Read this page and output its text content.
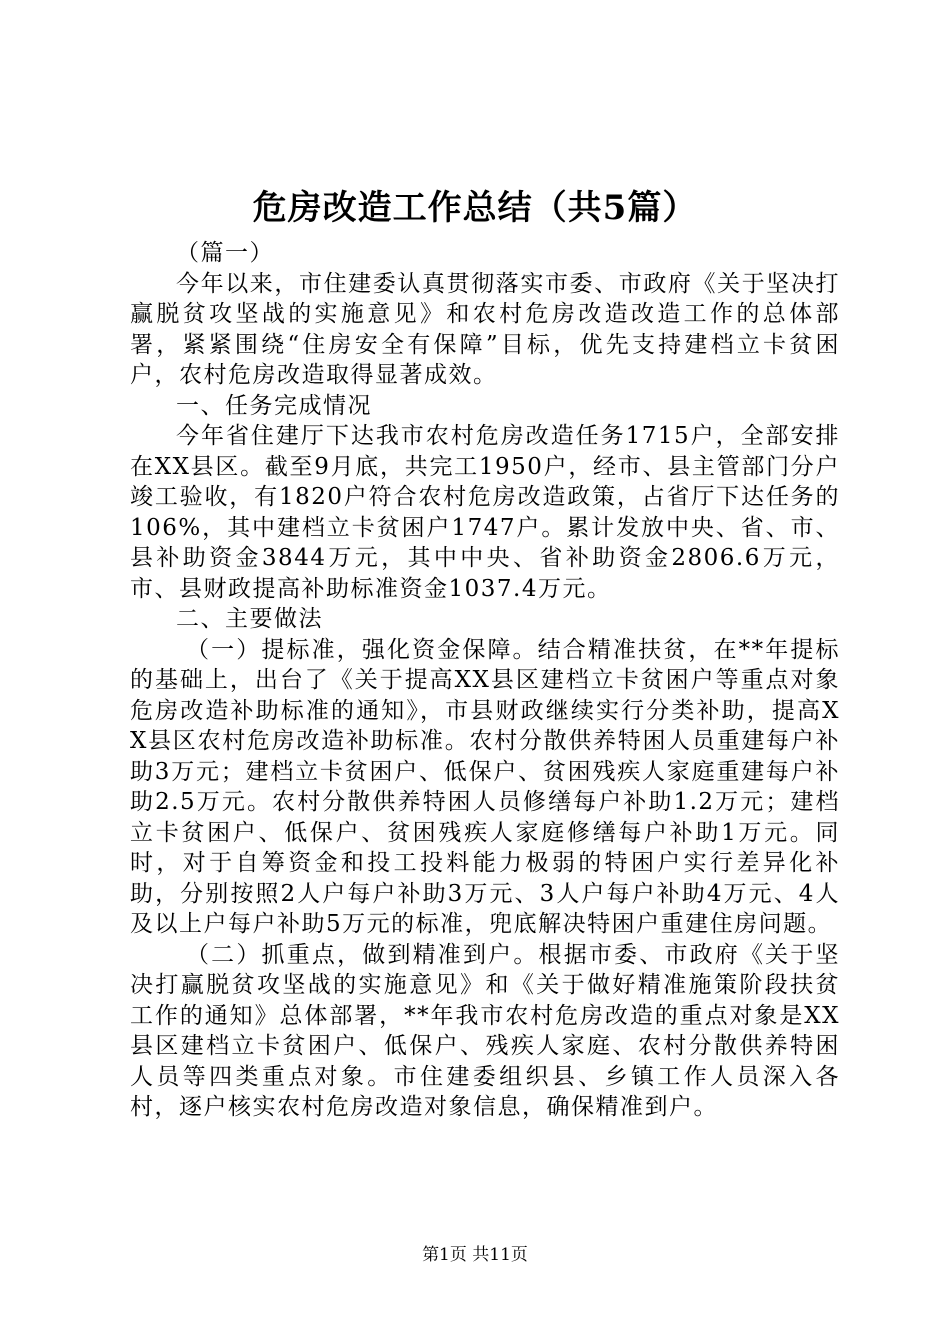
危房改造工作总结（共5篇）

（篇一）

今年以来，市住建委认真贯彻落实市委、市政府《关于坚决打赢脱贫攻坚战的实施意见》和农村危房改造改造工作的总体部署，紧紧围绕“住房安全有保障”目标，优先支持建档立卡贫困户，农村危房改造取得显著成效。

一、任务完成情况

今年省住建厅下达我市农村危房改造任务1715户，全部安排在XX县区。截至9月底，共完工1950户，经市、县主管部门分户竣工验收，有1820户符合农村危房改造政策，占省厅下达任务的106%，其中建档立卡贫困户1747户。累计发放中央、省、市、县补助资金3844万元，其中中央、省补助资金2806.6万元，市、县财政提高补助标准资金1037.4万元。

二、主要做法

（一）提标准，强化资金保障。结合精准扶贫，在**年提标的基础上，出台了《关于提高XX县区建档立卡贫困户等重点对象危房改造补助标准的通知》，市县财政继续实行分类补助，提高XX县区农村危房改造补助标准。农村分散供养特困人员重建每户补助3万元；建档立卡贫困户、低保户、贫困残疾人家庭重建每户补助2.5万元。农村分散供养特困人员修缮每户补助1.2万元；建档立卡贫困户、低保户、贫困残疾人家庭修缮每户补助1万元。同时，对于自筹资金和投工投料能力极弱的特困户实行差异化补助，分别按照2人户每户补助3万元、3人户每户补助4万元、4人及以上户每户补助5万元的标准，兜底解决特困户重建住房问题。

（二）抓重点，做到精准到户。根据市委、市政府《关于坚决打赢脱贫攻坚战的实施意见》和《关于做好精准施策阶段扶贫工作的通知》总体部署，**年我市农村危房改造的重点对象是XX县区建档立卡贫困户、低保户、残疾人家庭、农村分散供养特困人员等四类重点对象。市住建委组织县、乡镇工作人员深入各村，逐户核实农村危房改造对象信息，确保精准到户。

第1页 共11页
